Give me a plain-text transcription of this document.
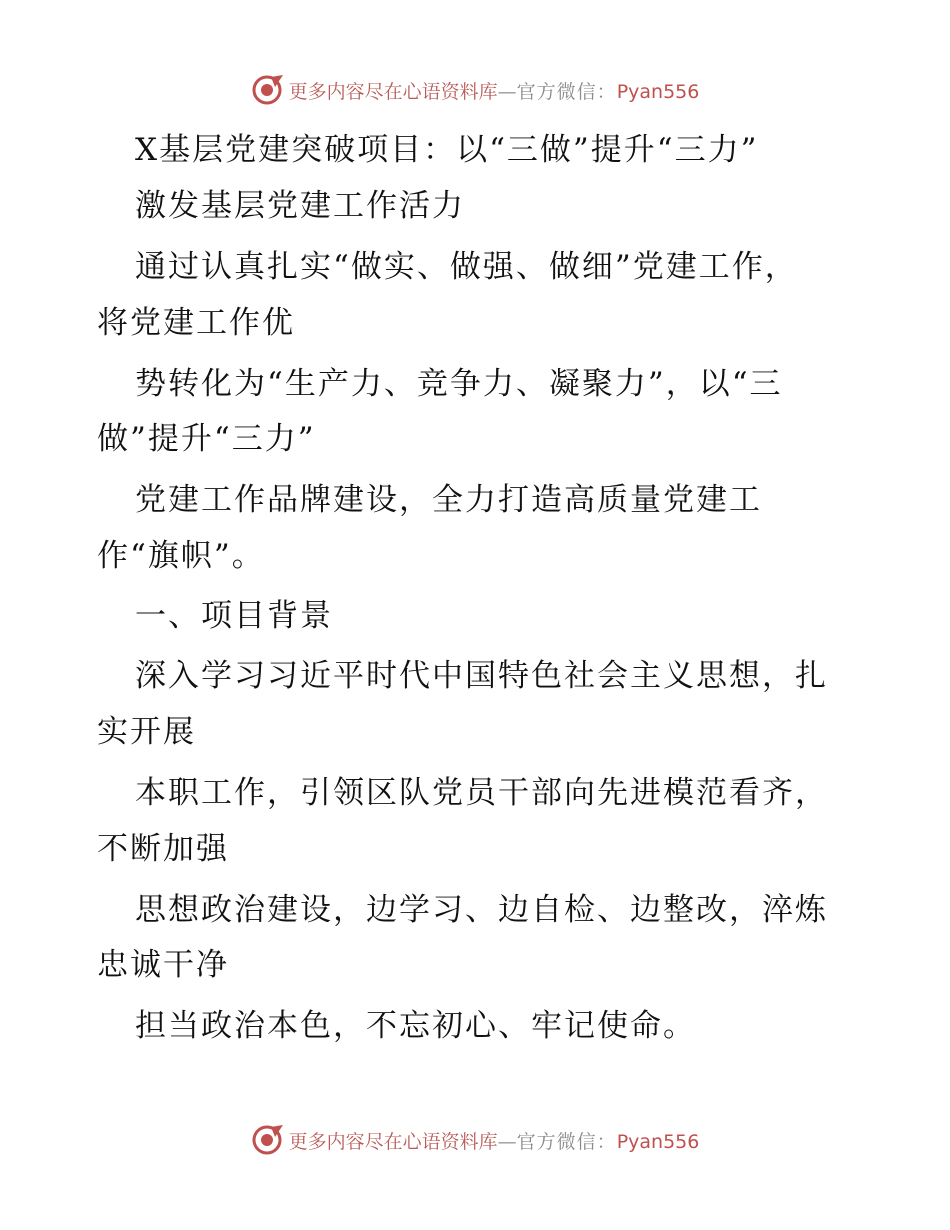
更多内容尽在心语资料库—官方微信：Pyan556
X基层党建突破项目：以“三做”提升“三力”
激发基层党建工作活力
通过认真扎实“做实、做强、做细”党建工作，
将党建工作优
势转化为“生产力、竞争力、凝聚力”，以“三
做”提升“三力”
党建工作品牌建设，全力打造高质量党建工
作“旗帜”。
一、项目背景
深入学习习近平时代中国特色社会主义思想，扎
实开展
本职工作，引领区队党员干部向先进模范看齐，
不断加强
思想政治建设，边学习、边自检、边整改，淬炼
忠诚干净
担当政治本色，不忘初心、牢记使命。
更多内容尽在心语资料库—官方微信：Pyan556
